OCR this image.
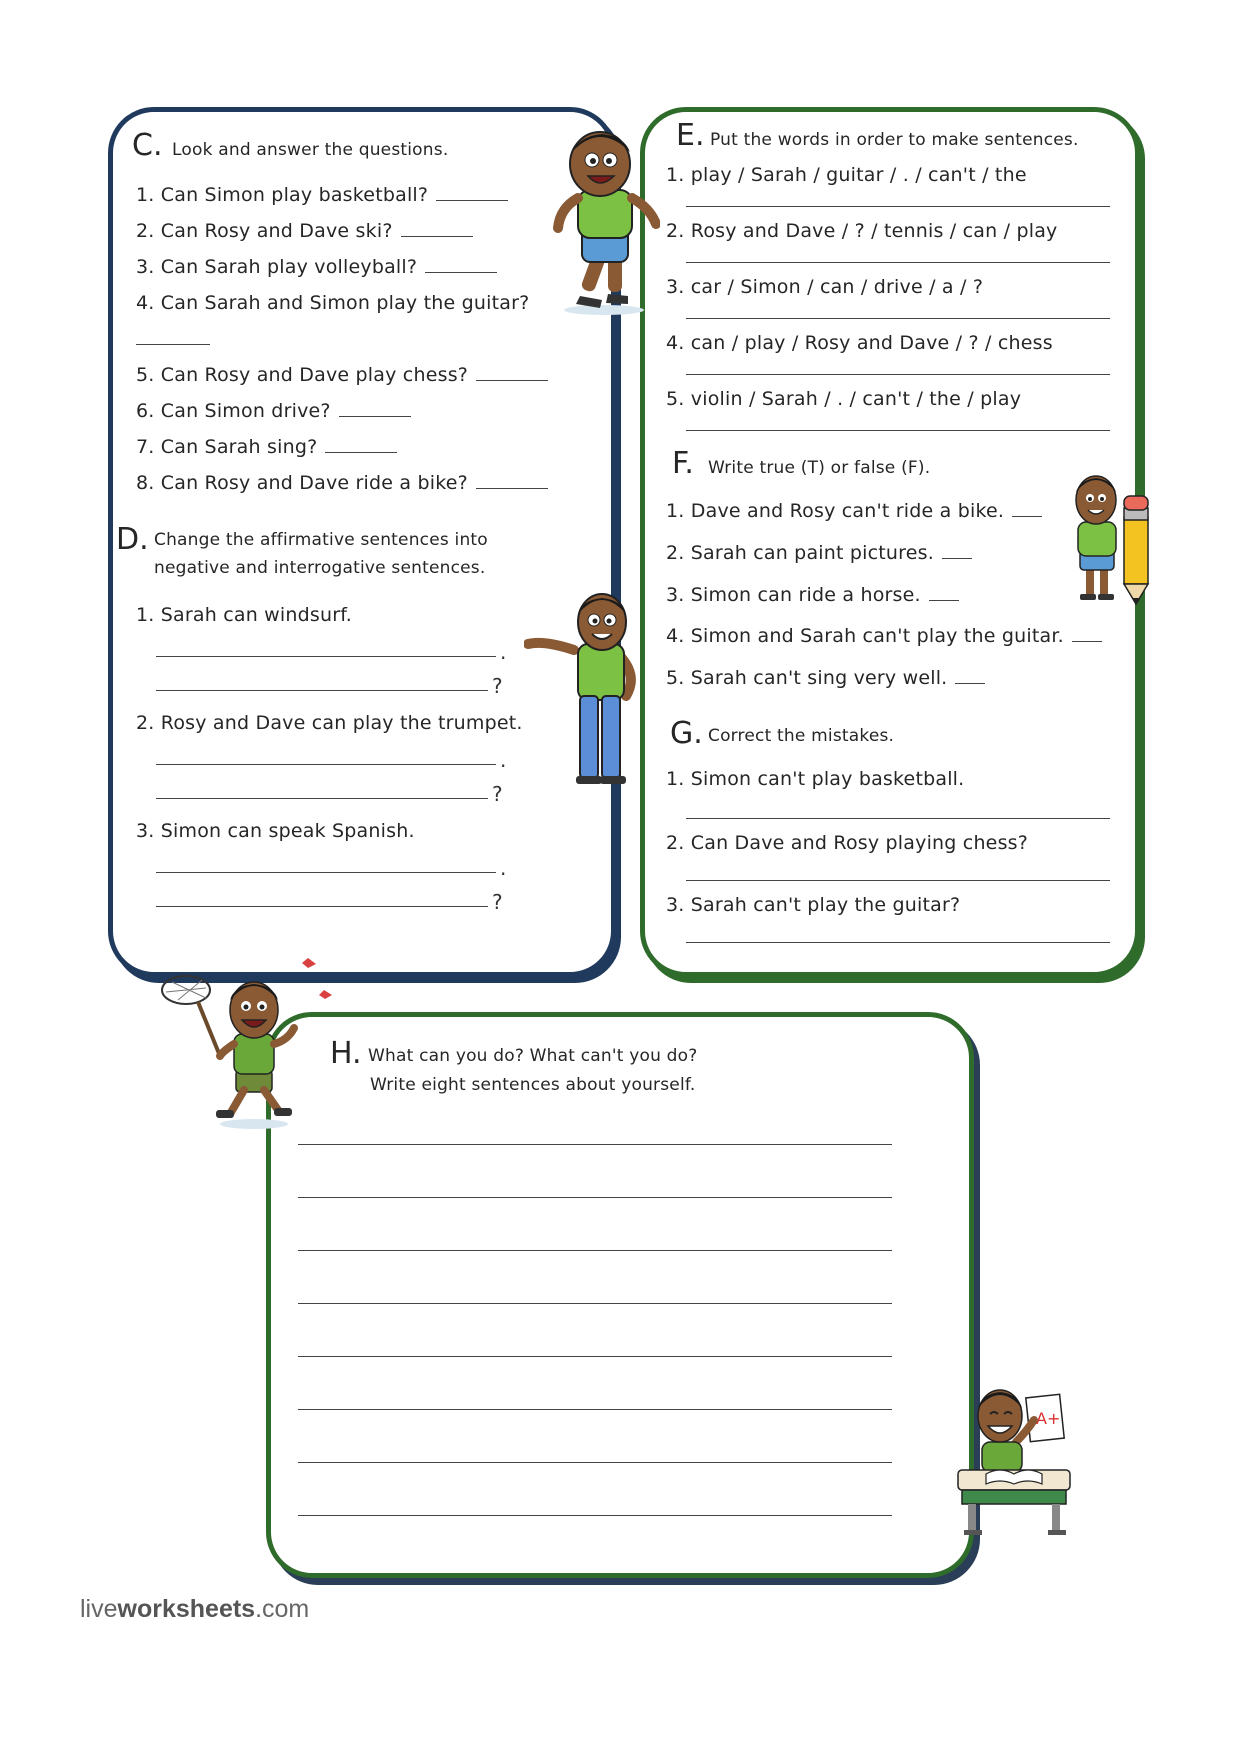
C. Look and answer the questions.
1. Can Simon play basketball?
2. Can Rosy and Dave ski?
3. Can Sarah play volleyball?
4. Can Sarah and Simon play the guitar?
5. Can Rosy and Dave play chess?
6. Can Simon drive?
7. Can Sarah sing?
8. Can Rosy and Dave ride a bike?
D. Change the affirmative sentences into
negative and interrogative sentences.
1. Sarah can windsurf.
.
?
2. Rosy and Dave can play the trumpet.
.
?
3. Simon can speak Spanish.
.
?
E. Put the words in order to make sentences.
1. play / Sarah / guitar / . / can't / the
2. Rosy and Dave / ? / tennis / can / play
3. car / Simon / can / drive / a / ?
4. can / play / Rosy and Dave / ? / chess
5. violin / Sarah / . / can't / the / play
F. Write true (T) or false (F).
1. Dave and Rosy can't ride a bike.
2. Sarah can paint pictures.
3. Simon can ride a horse.
4. Simon and Sarah can't play the guitar.
5. Sarah can't sing very well.
G. Correct the mistakes.
1. Simon can't play basketball.
2. Can Dave and Rosy playing chess?
3. Sarah can't play the guitar?
H. What can you do? What can't you do?
Write eight sentences about yourself.
A+
liveworksheets.com
